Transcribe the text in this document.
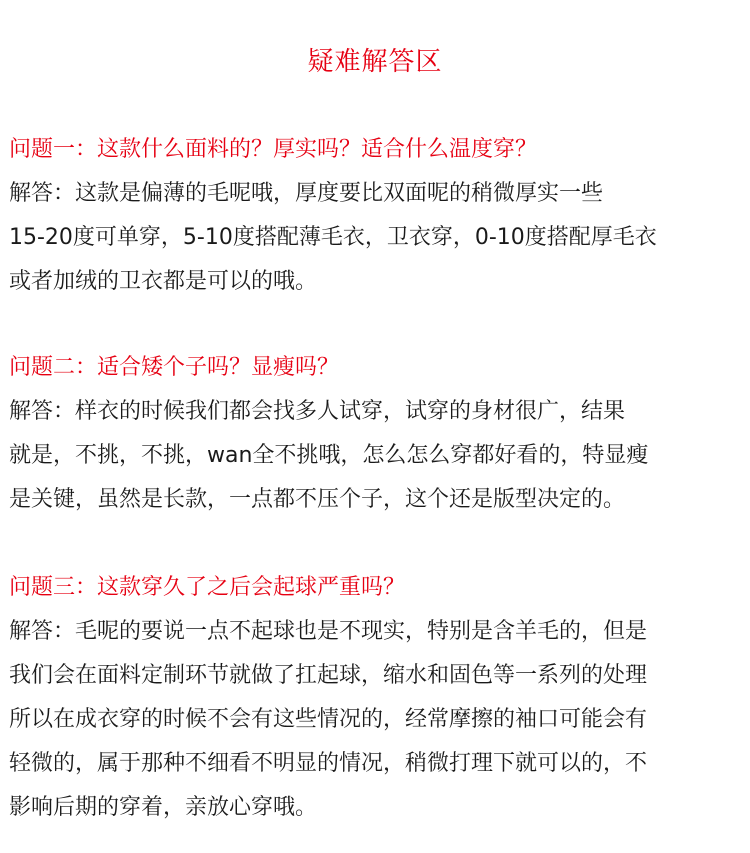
疑难解答区

问题一：这款什么面料的？厚实吗？适合什么温度穿？

解答：这款是偏薄的毛呢哦，厚度要比双面呢的稍微厚实一些

15-20度可单穿，5-10度搭配薄毛衣，卫衣穿，0-10度搭配厚毛衣

或者加绒的卫衣都是可以的哦。

问题二：适合矮个子吗？显瘦吗？

解答：样衣的时候我们都会找多人试穿，试穿的身材很广，结果

就是，不挑，不挑，wan全不挑哦，怎么怎么穿都好看的，特显瘦

是关键，虽然是长款，一点都不压个子，这个还是版型决定的。

问题三：这款穿久了之后会起球严重吗？

解答：毛呢的要说一点不起球也是不现实，特别是含羊毛的，但是

我们会在面料定制环节就做了扛起球，缩水和固色等一系列的处理

所以在成衣穿的时候不会有这些情况的，经常摩擦的袖口可能会有

轻微的，属于那种不细看不明显的情况，稍微打理下就可以的，不

影响后期的穿着，亲放心穿哦。
